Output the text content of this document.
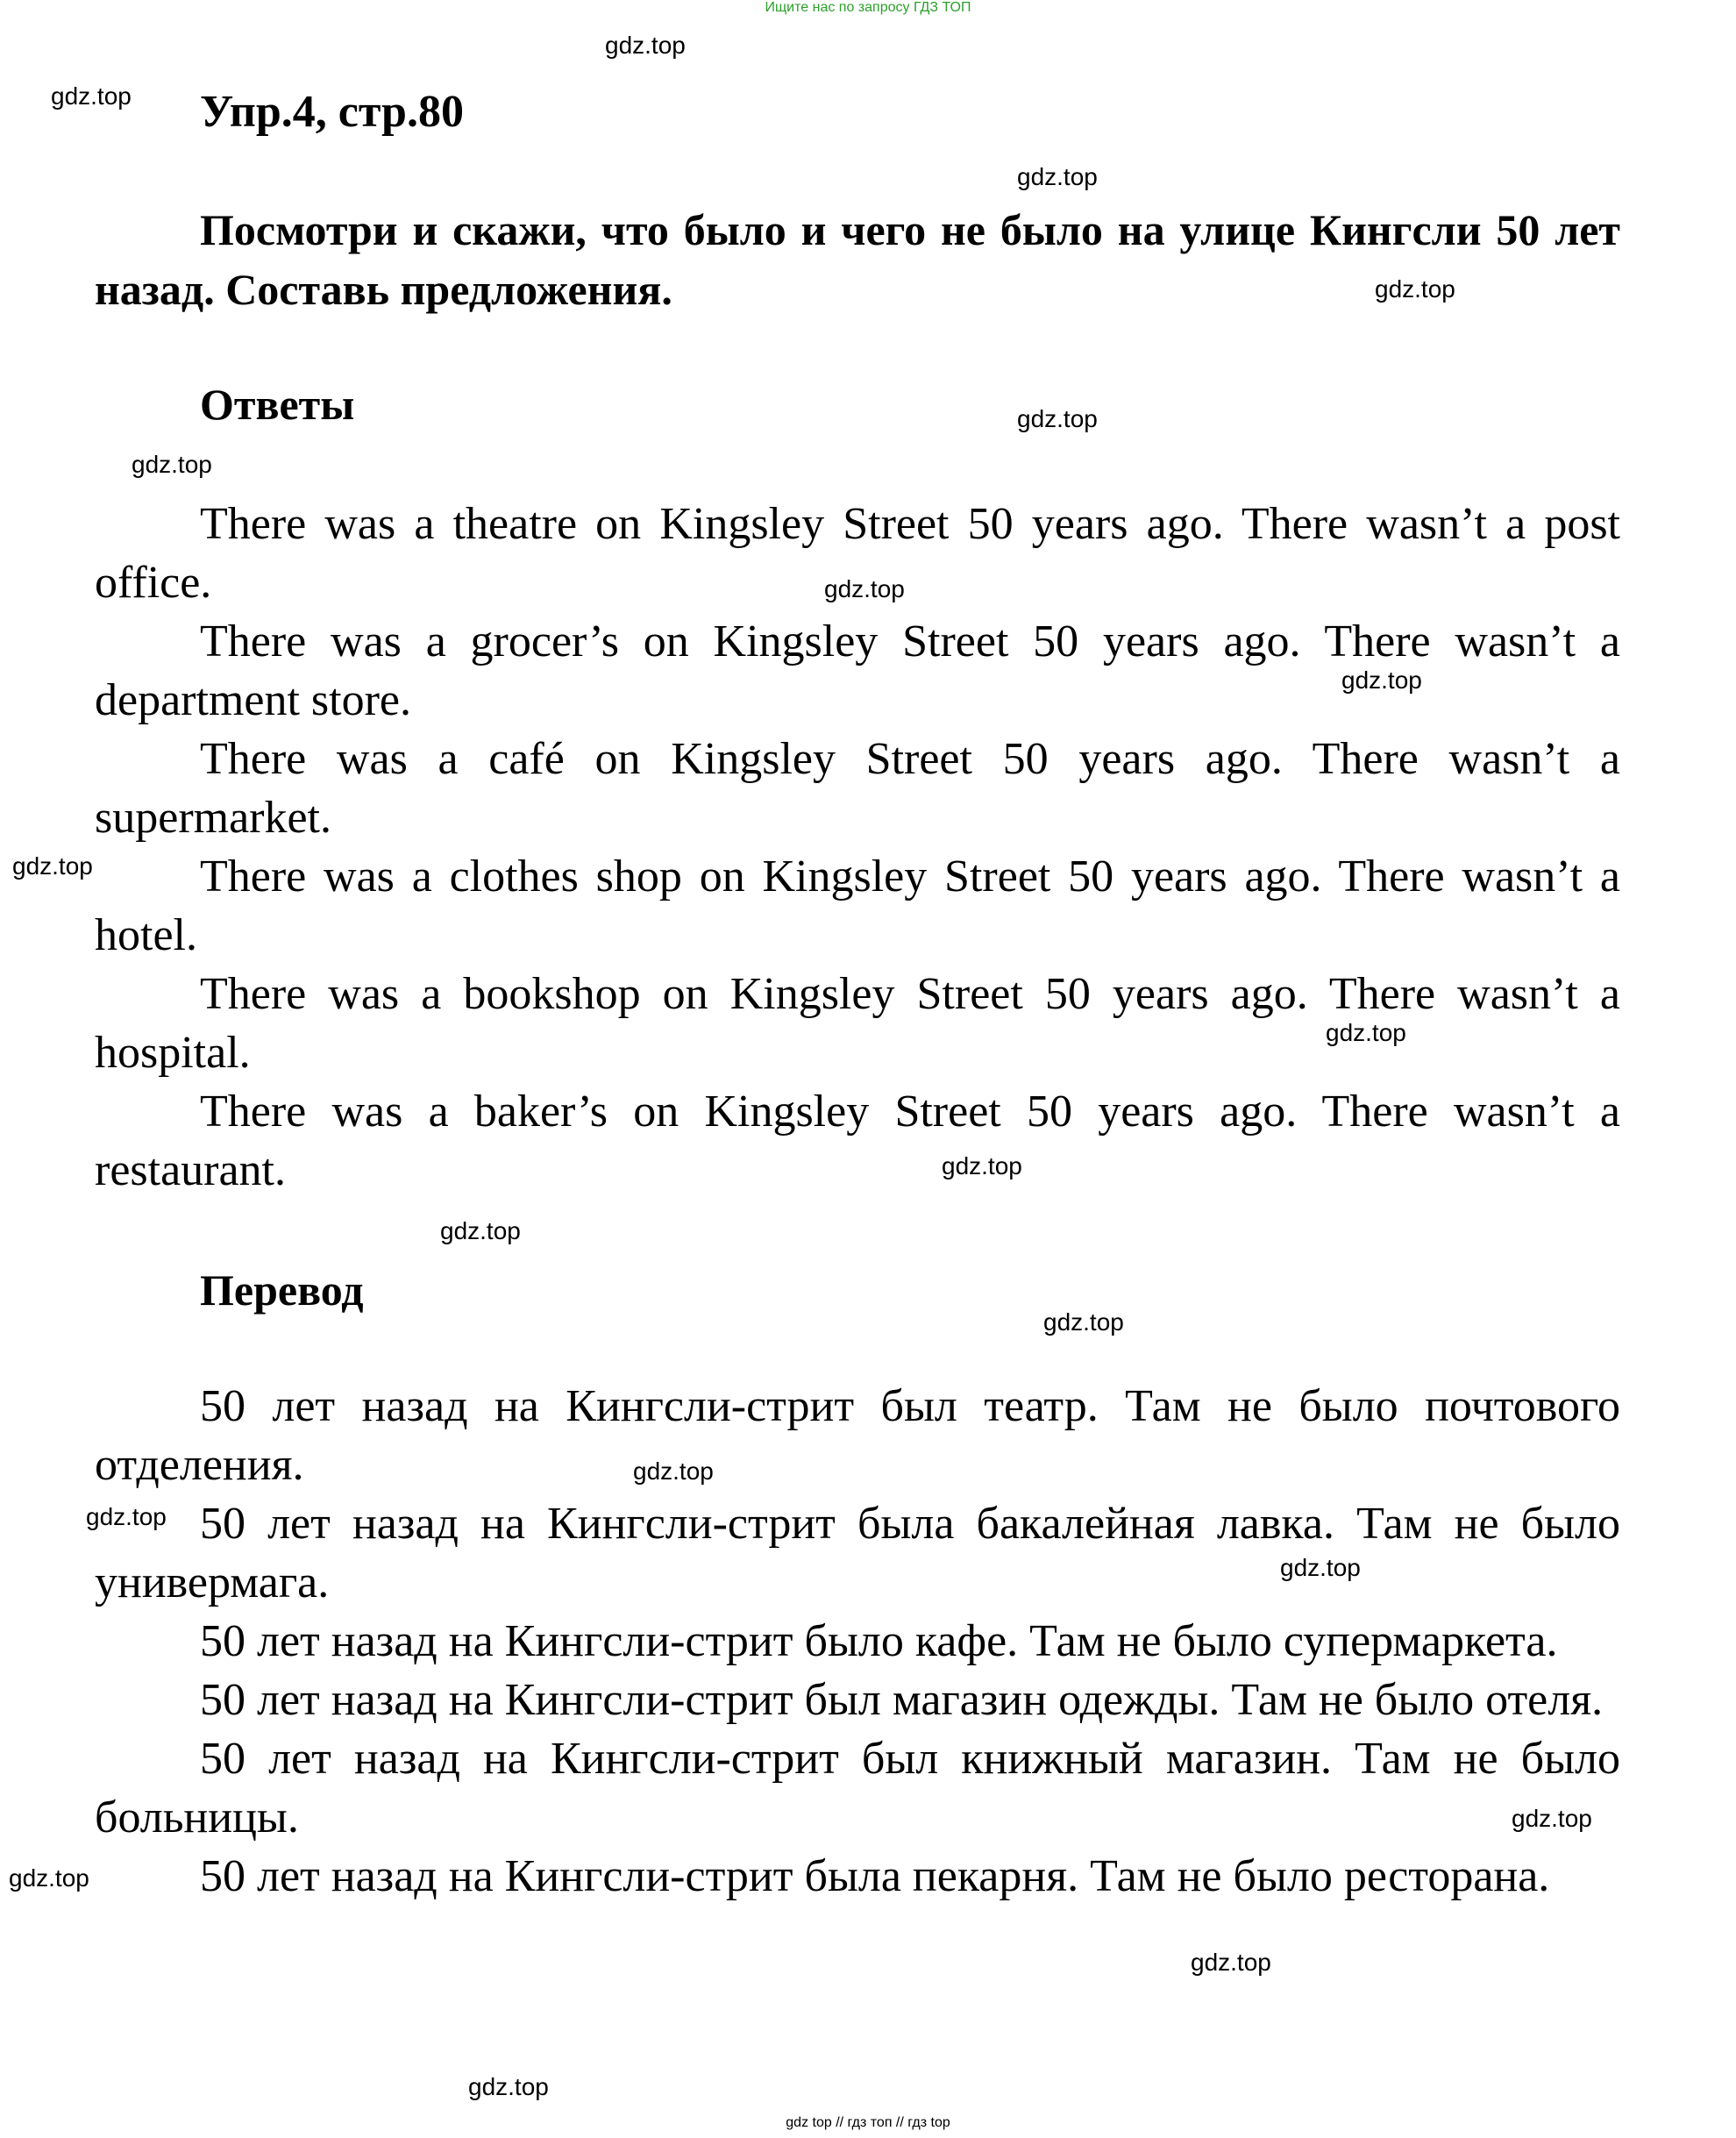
Ищите нас по запросу ГДЗ ТОП
gdz.top
gdz.top
gdz.top
gdz.top
gdz.top
gdz.top
gdz.top
gdz.top
gdz.top
gdz.top
gdz.top
gdz.top
gdz.top
gdz.top
gdz.top
gdz.top
gdz.top
gdz.top
gdz.top
gdz.top
Упр.4, стр.80
Посмотри и скажи, что было и чего не было на улице Кингсли 50 лет назад. Составь предложения.
Ответы

There was a theatre on Kingsley Street 50 years ago. There wasn’t a post office.

There was a grocer’s on Kingsley Street 50 years ago. There wasn’t a department store.

There was a café on Kingsley Street 50 years ago. There wasn’t a supermarket.

There was a clothes shop on Kingsley Street 50 years ago. There wasn’t a hotel.

There was a bookshop on Kingsley Street 50 years ago. There wasn’t a hospital.

There was a baker’s on Kingsley Street 50 years ago. There wasn’t a restaurant.

Перевод

50 лет назад на Кингсли-стрит был театр. Там не было почтового отделения.

50 лет назад на Кингсли-стрит была бакалейная лавка. Там не было универмага.

50 лет назад на Кингсли-стрит было кафе. Там не было супермаркета.

50 лет назад на Кингсли-стрит был магазин одежды. Там не было отеля.

50 лет назад на Кингсли-стрит был книжный магазин. Там не было больницы.

50 лет назад на Кингсли-стрит была пекарня. Там не было ресторана.

gdz top // гдз топ // гдз top
